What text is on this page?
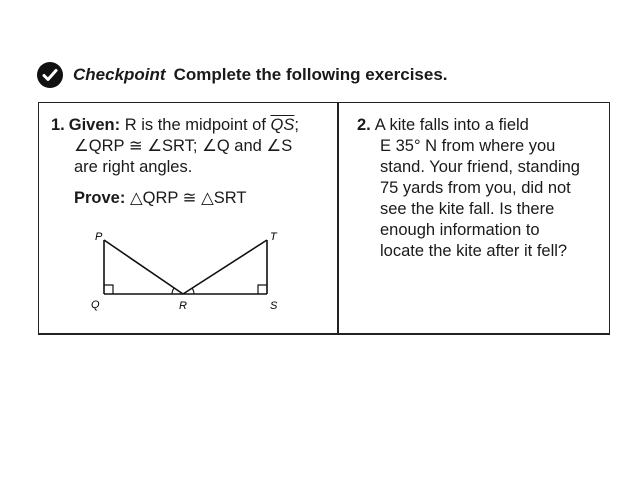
Checkpoint Complete the following exercises.

1. Given: R is the midpoint of $\overline{QS}$;

∠QRP ≅ ∠SRT; ∠Q and ∠S

are right angles.

Prove: △QRP ≅ △SRT

P	T
Q	R	S

2. A kite falls into a field

E 35° N from where you

stand. Your friend, standing

75 yards from you, did not

see the kite fall. Is there

enough information to

locate the kite after it fell?
